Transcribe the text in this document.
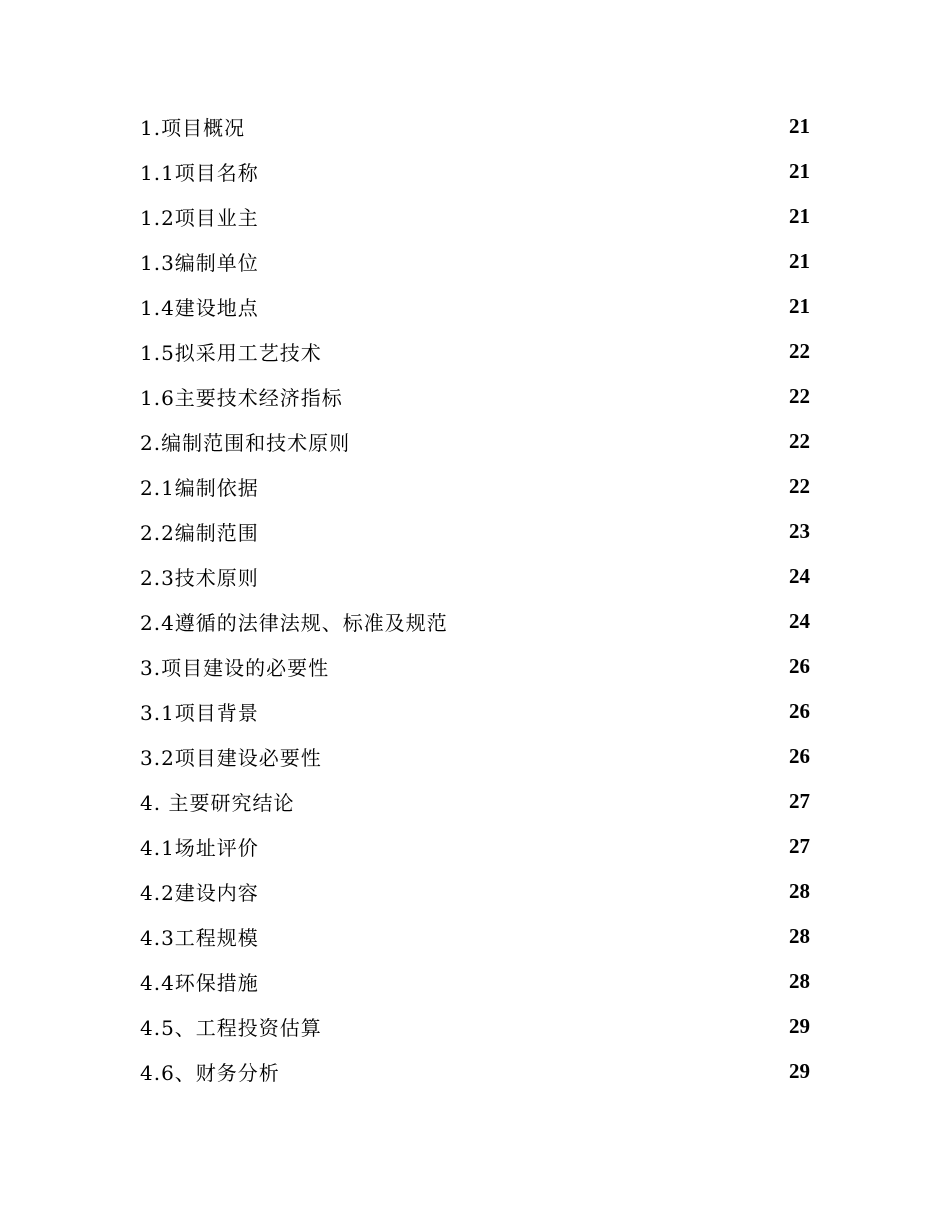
1.项目概况	21
1.1项目名称	21
1.2项目业主	21
1.3编制单位	21
1.4建设地点	21
1.5拟采用工艺技术	22
1.6主要技术经济指标	22
2.编制范围和技术原则	22
2.1编制依据	22
2.2编制范围	23
2.3技术原则	24
2.4遵循的法律法规、标准及规范	24
3.项目建设的必要性	26
3.1项目背景	26
3.2项目建设必要性	26
4. 主要研究结论	27
4.1场址评价	27
4.2建设内容	28
4.3工程规模	28
4.4环保措施	28
4.5、工程投资估算	29
4.6、财务分析	29
